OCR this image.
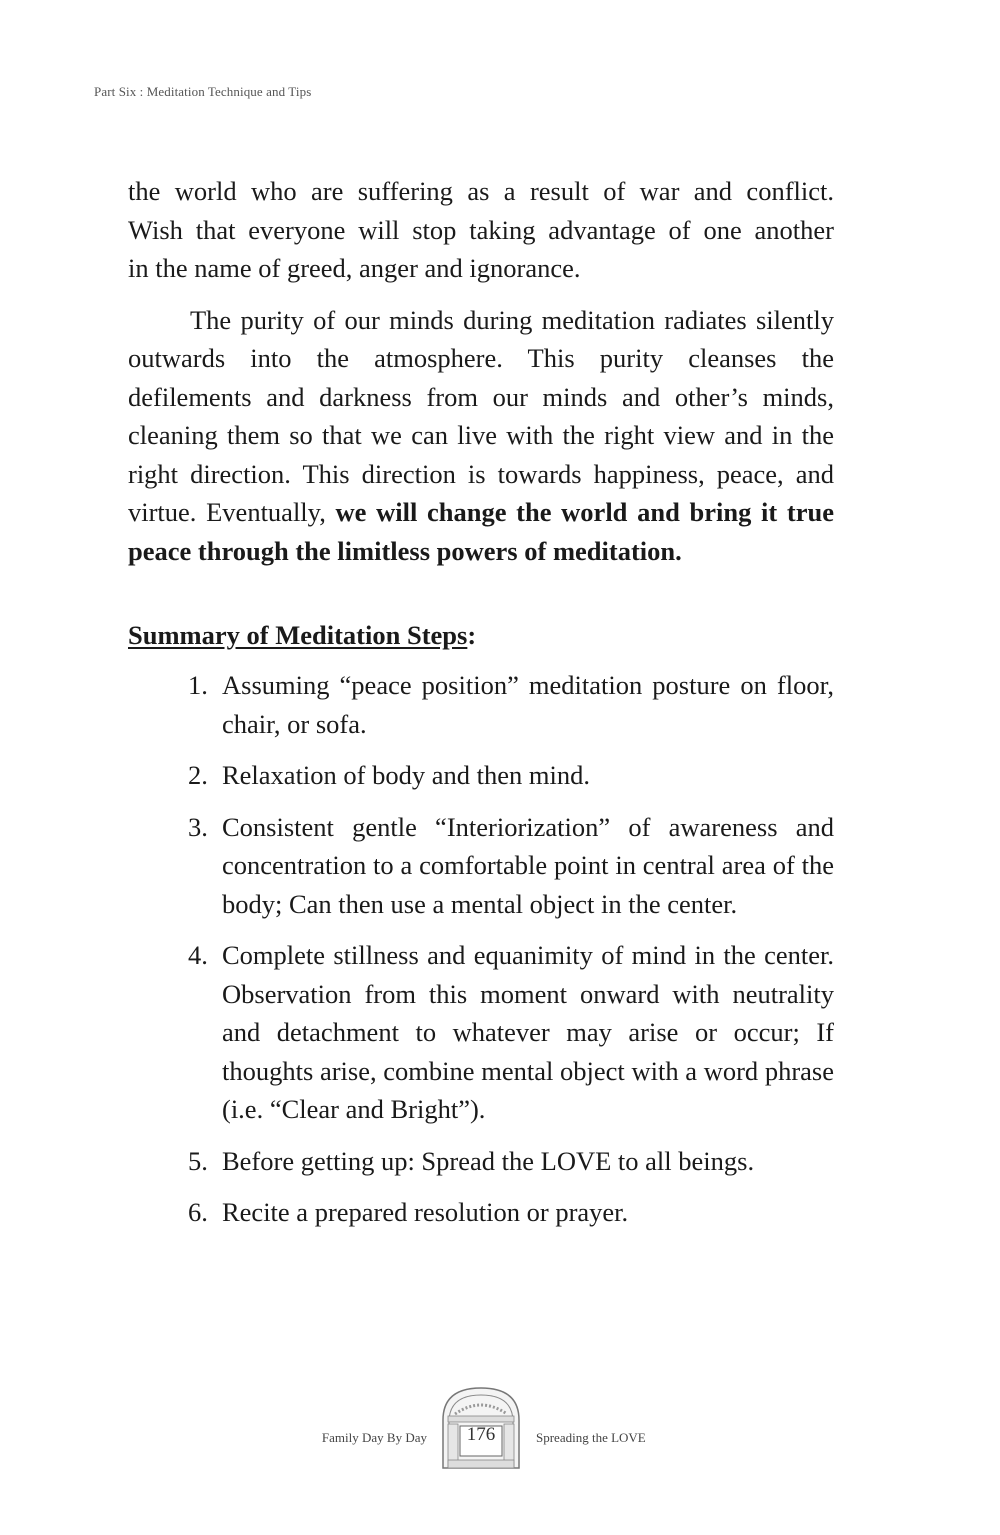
Part Six : Meditation Technique and Tips

the world who are suffering as a result of war and conflict.
Wish that everyone will stop taking advantage of one another
in the name of greed, anger and ignorance.

The purity of our minds during meditation radiates silently outwards into the atmosphere. This purity cleanses the defilements and darkness from our minds and other’s minds, cleaning them so that we can live with the right view and in the right direction. This direction is towards happiness, peace, and virtue. Eventually, we will change the world and bring it true peace through the limitless powers of meditation.

Summary of Meditation Steps:
1. Assuming “peace position” meditation posture on floor, chair, or sofa.
2. Relaxation of body and then mind.
3. Consistent gentle “Interiorization” of awareness and concentration to a comfortable point in central area of the body; Can then use a mental object in the center.
4. Complete stillness and equanimity of mind in the center. Observation from this moment onward with neutrality and detachment to whatever may arise or occur; If thoughts arise, combine mental object with a word phrase (i.e. “Clear and Bright”).
5. Before getting up: Spread the LOVE to all beings.
6. Recite a prepared resolution or prayer.
Family Day By Day	176	Spreading the LOVE
